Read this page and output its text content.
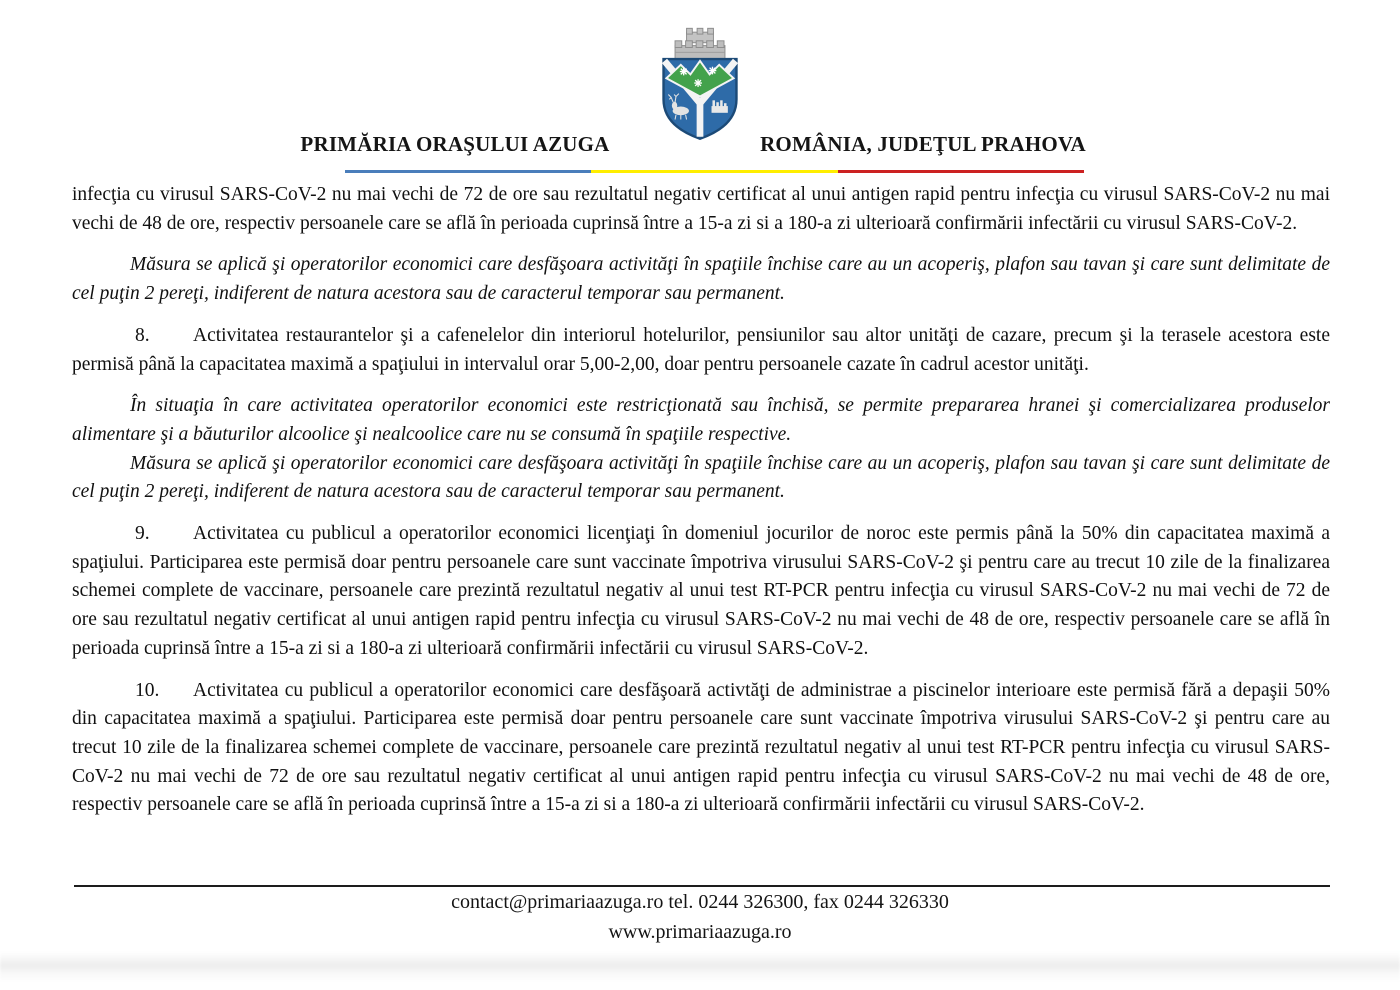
PRIMĂRIA ORAŞULUI AZUGA	ROMÂNIA, JUDEŢUL PRAHOVA

infecţia cu virusul SARS-CoV-2 nu mai vechi de 72 de ore sau rezultatul negativ certificat al unui antigen rapid pentru infecţia cu virusul SARS-CoV-2 nu mai vechi de 48 de ore, respectiv persoanele care se află în perioada cuprinsă între a 15-a zi si a 180-a zi ulterioară confirmării infectării cu virusul SARS-CoV-2.

Măsura se aplică şi operatorilor economici care desfăşoara activităţi în spaţiile închise care au un acoperiş, plafon sau tavan şi care sunt delimitate de cel puţin 2 pereţi, indiferent de natura acestora sau de caracterul temporar sau permanent.

8. Activitatea restaurantelor şi a cafenelelor din interiorul hotelurilor, pensiunilor sau altor unităţi de cazare, precum şi la terasele acestora este permisă până la capacitatea maximă a spaţiului in intervalul orar 5,00-2,00, doar pentru persoanele cazate în cadrul acestor unităţi.

În situaţia în care activitatea operatorilor economici este restricţionată sau închisă, se permite prepararea hranei şi comercializarea produselor alimentare şi a băuturilor alcoolice şi nealcoolice care nu se consumă în spaţiile respective.

Măsura se aplică şi operatorilor economici care desfăşoara activităţi în spaţiile închise care au un acoperiş, plafon sau tavan şi care sunt delimitate de cel puţin 2 pereţi, indiferent de natura acestora sau de caracterul temporar sau permanent.

9. Activitatea cu publicul a operatorilor economici licenţiaţi în domeniul jocurilor de noroc este permis până la 50% din capacitatea maximă a spaţiului. Participarea este permisă doar pentru persoanele care sunt vaccinate împotriva virusului SARS-CoV-2 şi pentru care au trecut 10 zile de la finalizarea schemei complete de vaccinare, persoanele care prezintă rezultatul negativ al unui test RT-PCR pentru infecţia cu virusul SARS-CoV-2 nu mai vechi de 72 de ore sau rezultatul negativ certificat al unui antigen rapid pentru infecţia cu virusul SARS-CoV-2 nu mai vechi de 48 de ore, respectiv persoanele care se află în perioada cuprinsă între a 15-a zi si a 180-a zi ulterioară confirmării infectării cu virusul SARS-CoV-2.

10. Activitatea cu publicul a operatorilor economici care desfăşoară activtăţi de administrae a piscinelor interioare este permisă fără a depaşii 50% din capacitatea maximă a spaţiului. Participarea este permisă doar pentru persoanele care sunt vaccinate împotriva virusului SARS-CoV-2 şi pentru care au trecut 10 zile de la finalizarea schemei complete de vaccinare, persoanele care prezintă rezultatul negativ al unui test RT-PCR pentru infecţia cu virusul SARS-CoV-2 nu mai vechi de 72 de ore sau rezultatul negativ certificat al unui antigen rapid pentru infecţia cu virusul SARS-CoV-2 nu mai vechi de 48 de ore, respectiv persoanele care se află în perioada cuprinsă între a 15-a zi si a 180-a zi ulterioară confirmării infectării cu virusul SARS-CoV-2.

contact@primariaazuga.ro tel. 0244 326300, fax 0244 326330
www.primariaazuga.ro
